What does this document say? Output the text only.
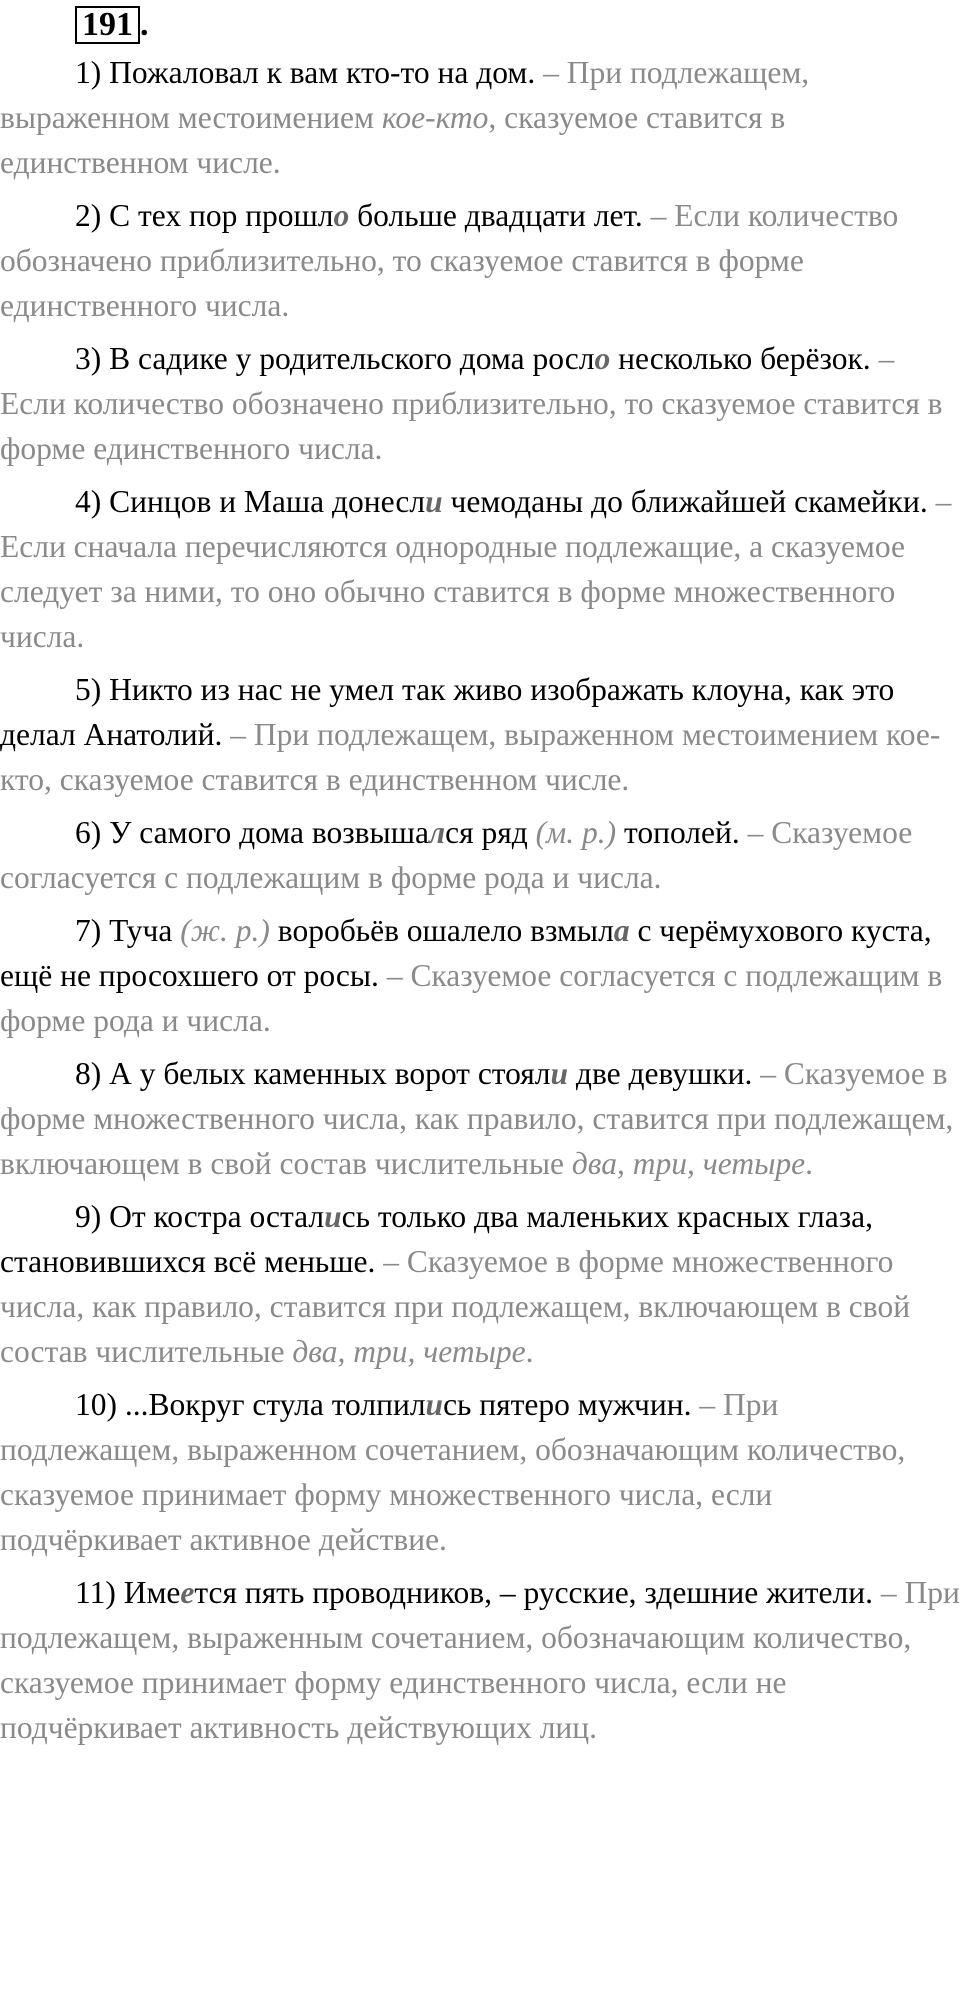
191 .

1) Пожаловал к вам кто-то на дом. – При подлежащем, выраженном местоимением кое-кто, сказуемое ставится в единственном числе.

2) С тех пор прошло больше двадцати лет. – Если количество обозначено приблизительно, то сказуемое ставится в форме единственного числа.

3) В садике у родительского дома росло несколько берёзок. – Если количество обозначено приблизительно, то сказуемое ставится в форме единственного числа.

4) Синцов и Маша донесли чемоданы до ближайшей скамейки. – Если сначала перечисляются однородные подлежащие, а сказуемое следует за ними, то оно обычно ставится в форме множественного числа.

5) Никто из нас не умел так живо изображать клоуна, как это делал Анатолий. – При подлежащем, выраженном местоимением кое-кто, сказуемое ставится в единственном числе.

6) У самого дома возвышался ряд (м. р.) тополей. – Сказуемое согласуется с подлежащим в форме рода и числа.

7) Туча (ж. р.) воробьёв ошалело взмыла с черёмухового куста, ещё не просохшего от росы. – Сказуемое согласуется с подлежащим в форме рода и числа.

8) А у белых каменных ворот стояли две девушки. – Сказуемое в форме множественного числа, как правило, ставится при подлежащем, включающем в свой состав числительные два, три, четыре.

9) От костра остались только два маленьких красных глаза, становившихся всё меньше. – Сказуемое в форме множественного числа, как правило, ставится при подлежащем, включающем в свой состав числительные два, три, четыре.

10) ...Вокруг стула толпились пятеро мужчин. – При подлежащем, выраженном сочетанием, обозначающим количество, сказуемое принимает форму множественного числа, если подчёркивает активное действие.

11) Имеется пять проводников, – русские, здешние жители. – При подлежащем, выраженным сочетанием, обозначающим количество, сказуемое принимает форму единственного числа, если не подчёркивает активность действующих лиц.
